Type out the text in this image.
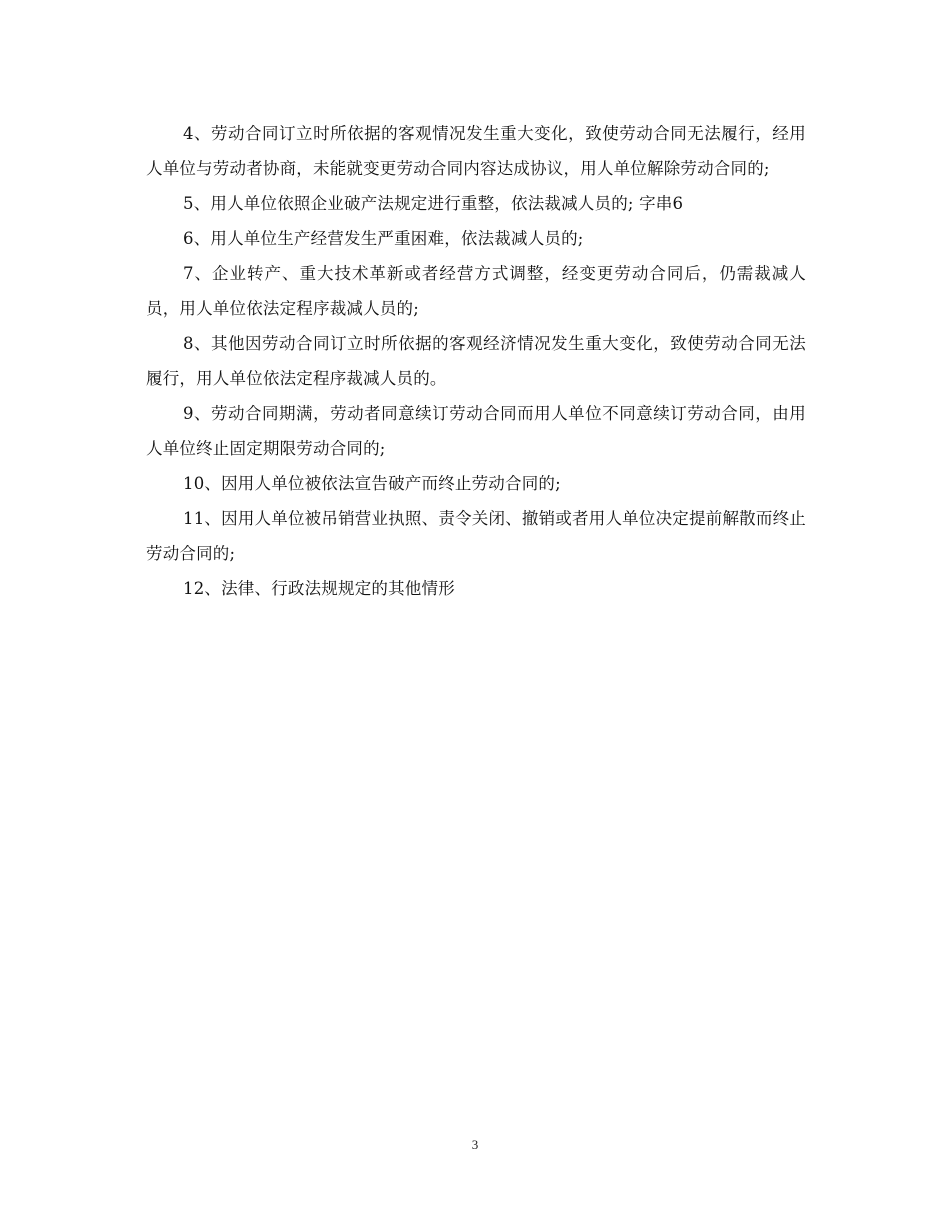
4、劳动合同订立时所依据的客观情况发生重大变化，致使劳动合同无法履行，经用人单位与劳动者协商，未能就变更劳动合同内容达成协议，用人单位解除劳动合同的;

5、用人单位依照企业破产法规定进行重整，依法裁减人员的; 字串6

6、用人单位生产经营发生严重困难，依法裁减人员的;

7、企业转产、重大技术革新或者经营方式调整，经变更劳动合同后，仍需裁减人员，用人单位依法定程序裁减人员的;

8、其他因劳动合同订立时所依据的客观经济情况发生重大变化，致使劳动合同无法履行，用人单位依法定程序裁减人员的。

9、劳动合同期满，劳动者同意续订劳动合同而用人单位不同意续订劳动合同，由用人单位终止固定期限劳动合同的;

10、因用人单位被依法宣告破产而终止劳动合同的;

11、因用人单位被吊销营业执照、责令关闭、撤销或者用人单位决定提前解散而终止劳动合同的;

12、法律、行政法规规定的其他情形

3
